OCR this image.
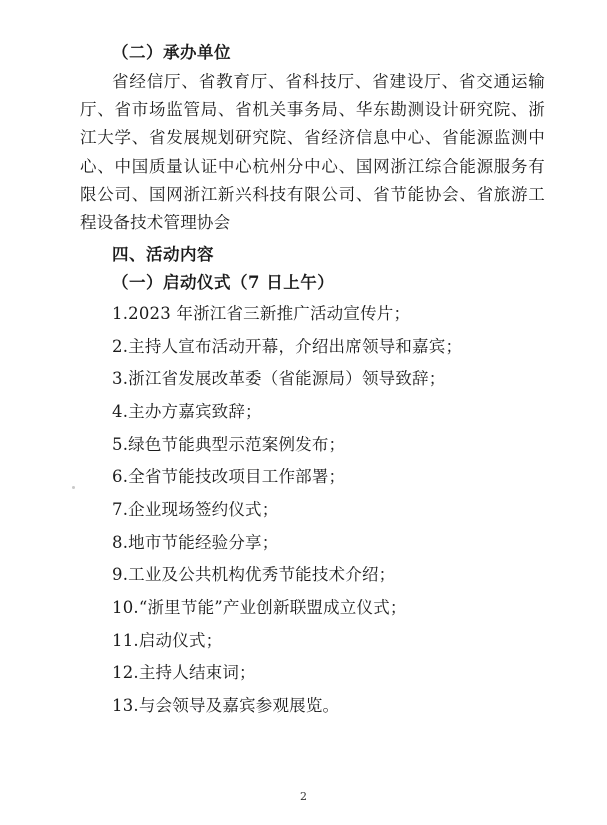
（二）承办单位

省经信厅、省教育厅、省科技厅、省建设厅、省交通运输厅、省市场监管局、省机关事务局、华东勘测设计研究院、浙江大学、省发展规划研究院、省经济信息中心、省能源监测中心、中国质量认证中心杭州分中心、国网浙江综合能源服务有限公司、国网浙江新兴科技有限公司、省节能协会、省旅游工程设备技术管理协会

四、活动内容
（一）启动仪式（7 日上午）
1.2023 年浙江省三新推广活动宣传片；
2.主持人宣布活动开幕，介绍出席领导和嘉宾；
3.浙江省发展改革委（省能源局）领导致辞；
4.主办方嘉宾致辞；
5.绿色节能典型示范案例发布；
6.全省节能技改项目工作部署；
7.企业现场签约仪式；
8.地市节能经验分享；
9.工业及公共机构优秀节能技术介绍；
10.“浙里节能”产业创新联盟成立仪式；
11.启动仪式；
12.主持人结束词；
13.与会领导及嘉宾参观展览。
2
